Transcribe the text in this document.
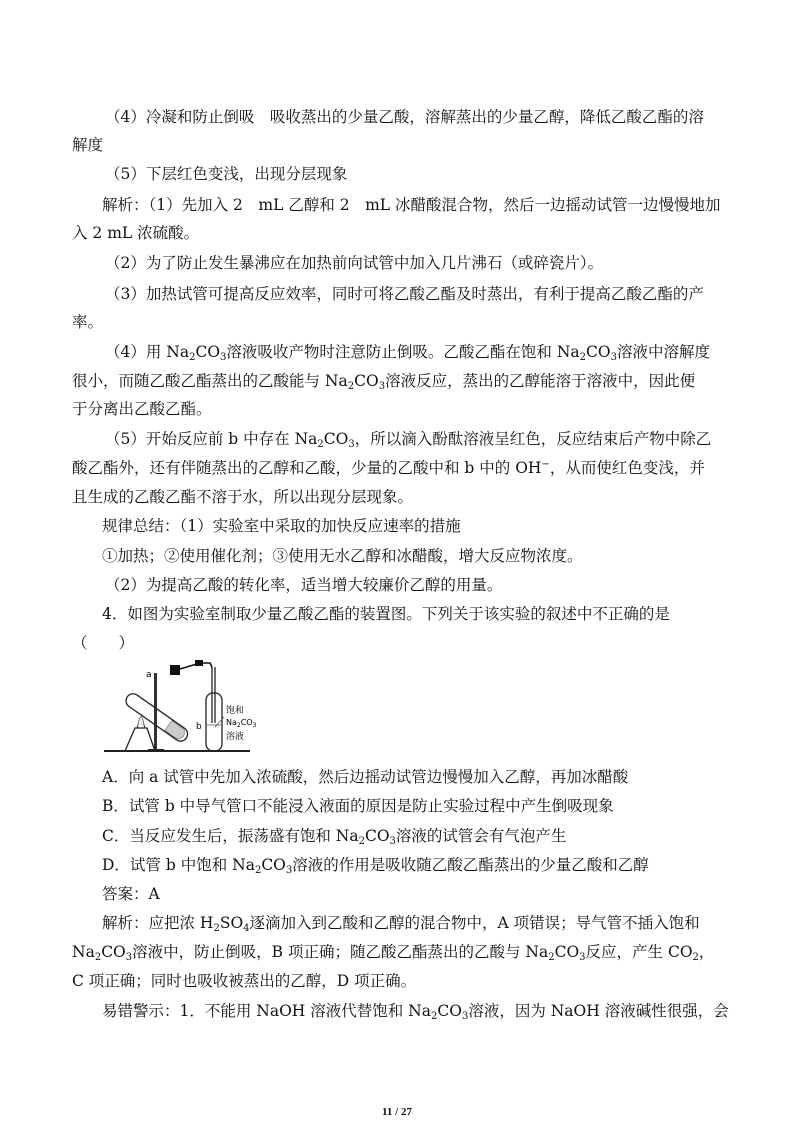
（4）冷凝和防止倒吸　吸收蒸出的少量乙酸，溶解蒸出的少量乙醇，降低乙酸乙酯的溶
解度
（5）下层红色变浅，出现分层现象
解析：（1）先加入 2　mL 乙醇和 2　mL 冰醋酸混合物，然后一边摇动试管一边慢慢地加
入 2 mL 浓硫酸。
（2）为了防止发生暴沸应在加热前向试管中加入几片沸石（或碎瓷片）。
（3）加热试管可提高反应效率，同时可将乙酸乙酯及时蒸出，有利于提高乙酸乙酯的产
率。
（4）用 $Na_2CO_3$溶液吸收产物时注意防止倒吸。乙酸乙酯在饱和 $Na_2CO_3$溶液中溶解度
很小，而随乙酸乙酯蒸出的乙酸能与 $Na_2CO_3$溶液反应，蒸出的乙醇能溶于溶液中，因此便
于分离出乙酸乙酯。
（5）开始反应前 b 中存在 $Na_2CO_3$，所以滴入酚酞溶液呈红色，反应结束后产物中除乙
酸乙酯外，还有伴随蒸出的乙醇和乙酸，少量的乙酸中和 b 中的 OH−，从而使红色变浅，并
且生成的乙酸乙酯不溶于水，所以出现分层现象。
规律总结：（1）实验室中采取的加快反应速率的措施
①加热；②使用催化剂；③使用无水乙醇和冰醋酸，增大反应物浓度。
（2）为提高乙酸的转化率，适当增大较廉价乙醇的用量。
4．如图为实验室制取少量乙酸乙酯的装置图。下列关于该实验的叙述中不正确的是
（　　）
a
b
饱和
$Na_2CO_3$
溶液
A．向 a 试管中先加入浓硫酸，然后边摇动试管边慢慢加入乙醇，再加冰醋酸
B．试管 b 中导气管口不能浸入液面的原因是防止实验过程中产生倒吸现象
C．当反应发生后，振荡盛有饱和 $Na_2CO_3$溶液的试管会有气泡产生
D．试管 b 中饱和 $Na_2CO_3$溶液的作用是吸收随乙酸乙酯蒸出的少量乙酸和乙醇
答案：A
解析：应把浓 $H_2SO_4$逐滴加入到乙酸和乙醇的混合物中，A 项错误；导气管不插入饱和
$Na_2CO_3$溶液中，防止倒吸，B 项正确；随乙酸乙酯蒸出的乙酸与 $Na_2CO_3$反应，产生 $CO_2$，
C 项正确；同时也吸收被蒸出的乙醇，D 项正确。
易错警示：1．不能用 NaOH 溶液代替饱和 $Na_2CO_3$溶液，因为 NaOH 溶液碱性很强，会
11 / 27
